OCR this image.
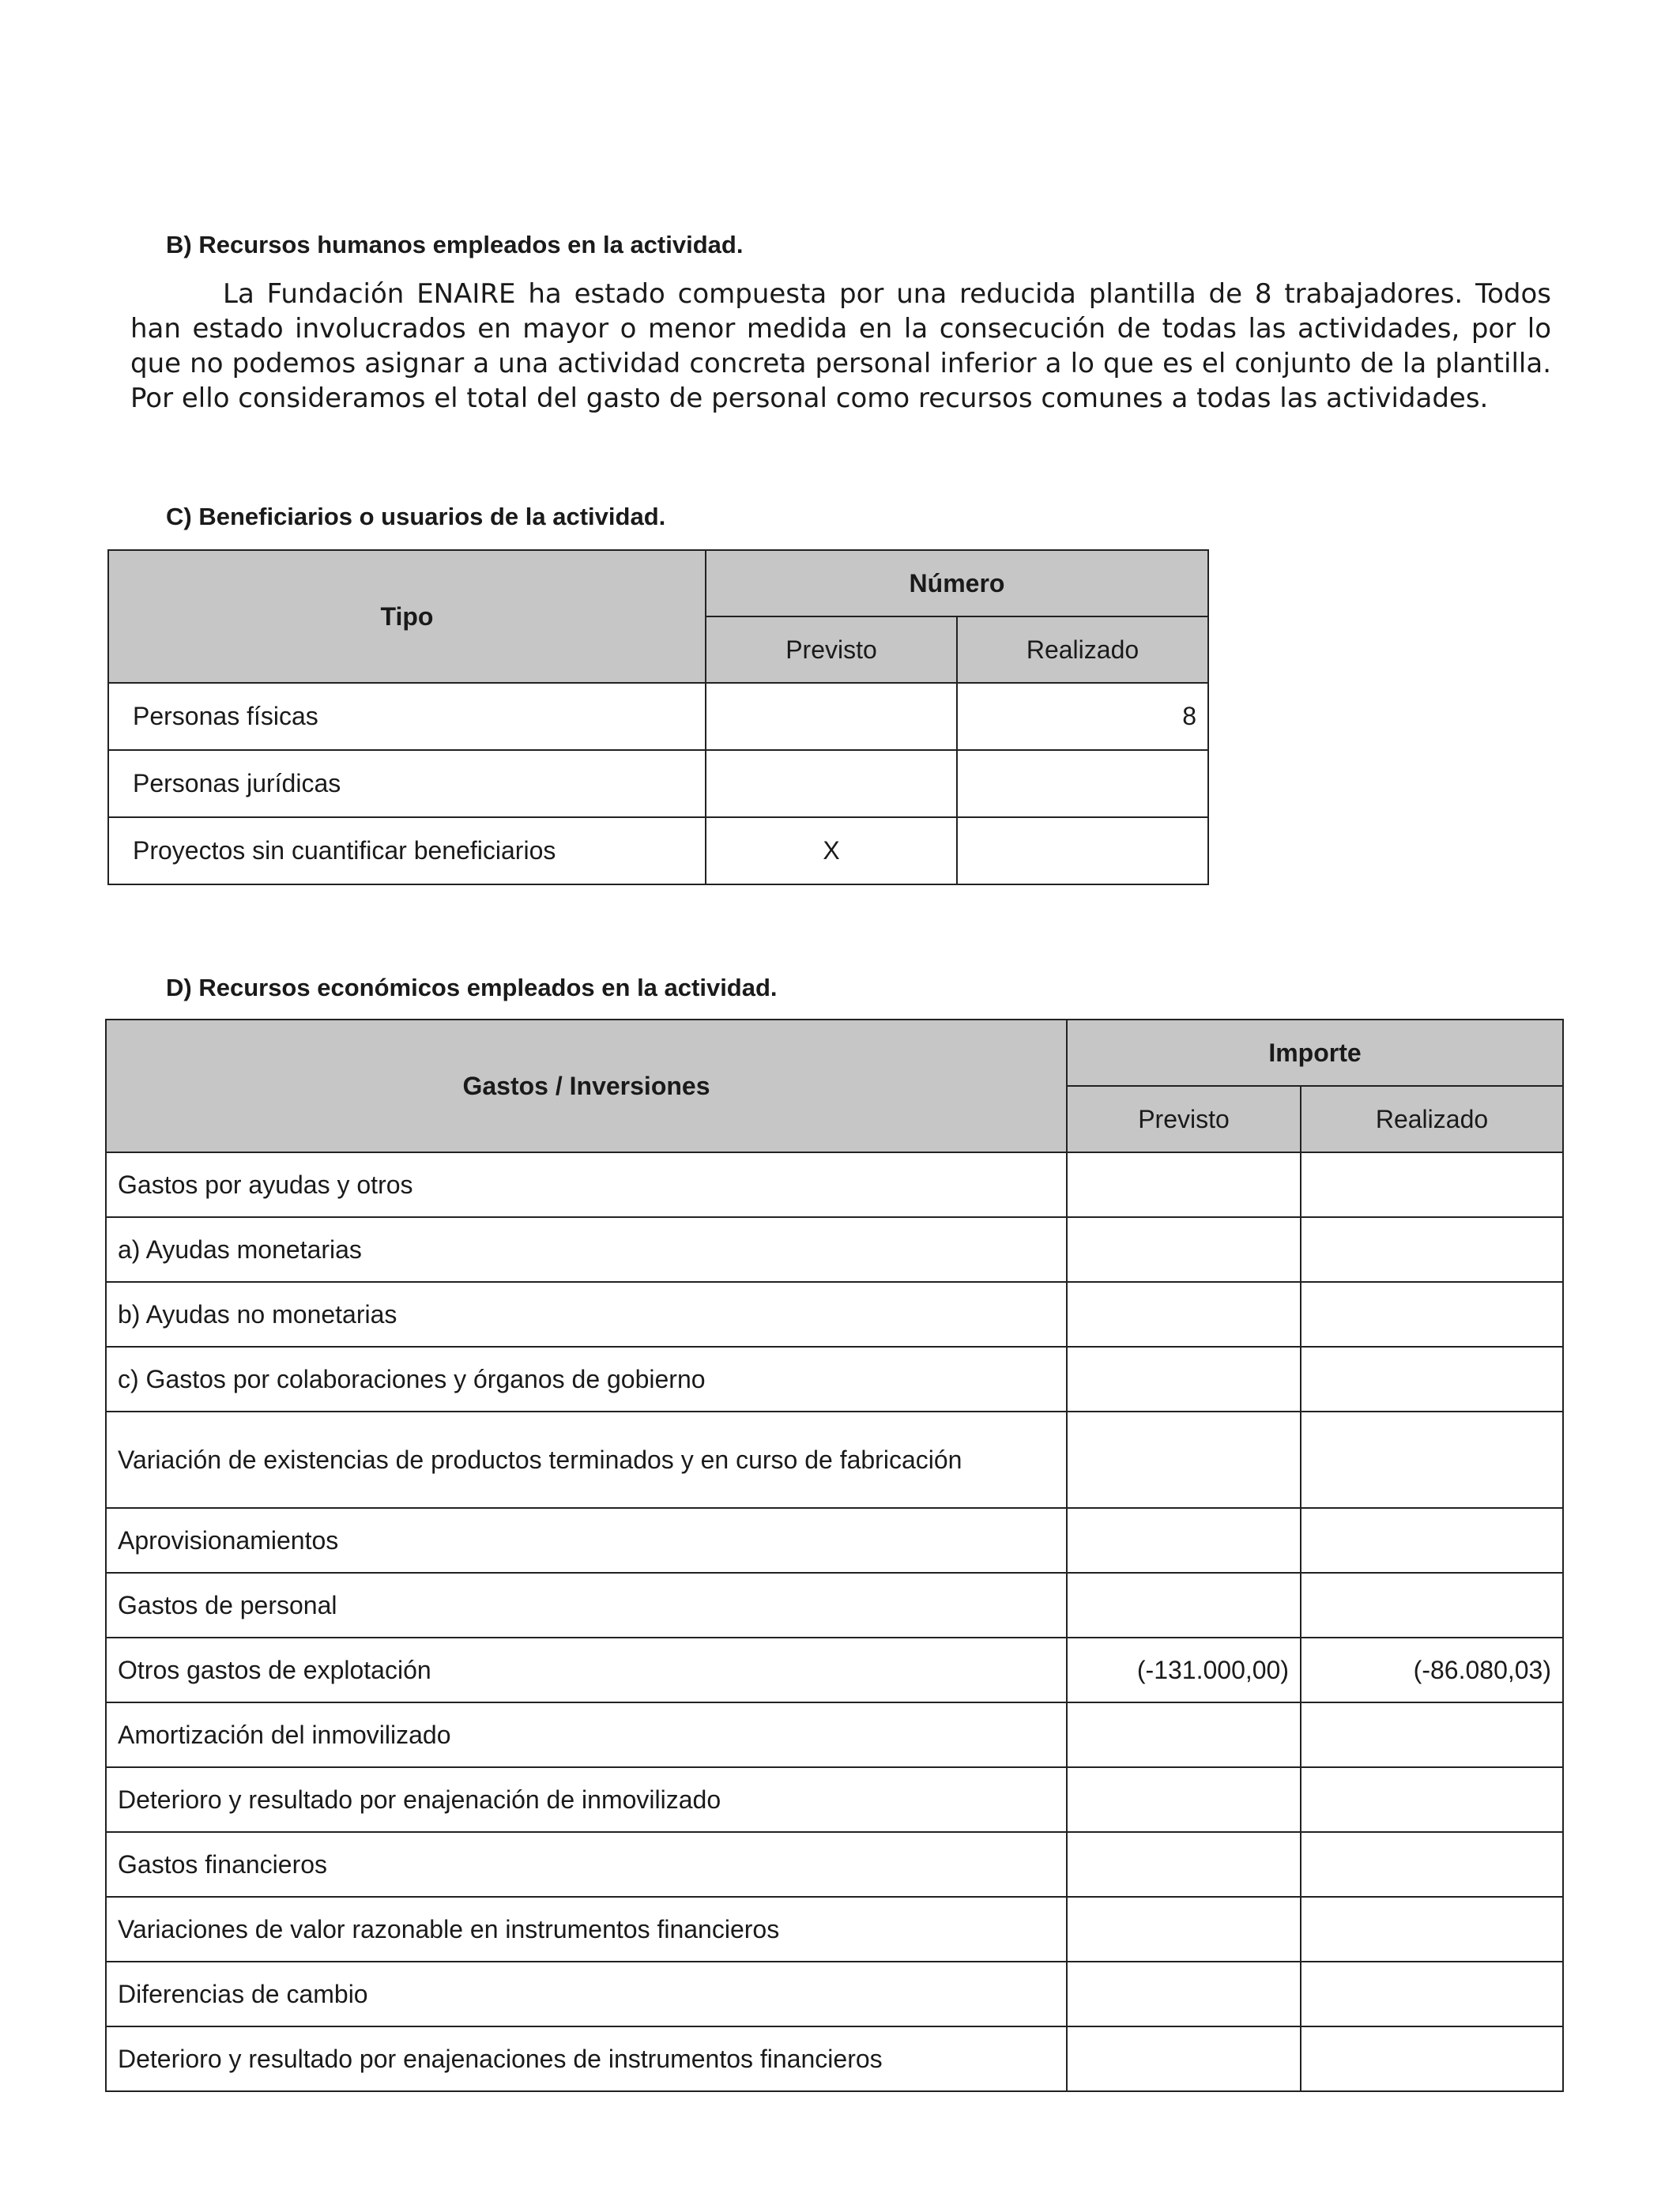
B) Recursos humanos empleados en la actividad.
La Fundación ENAIRE ha estado compuesta por una reducida plantilla de 8 trabajadores. Todos han estado involucrados en mayor o menor medida en la consecución de todas las actividades, por lo que no podemos asignar a una actividad concreta personal inferior a lo que es el conjunto de la plantilla. Por ello consideramos el total del gasto de personal como recursos comunes a todas las actividades.
C) Beneficiarios o usuarios de la actividad.
Tipo	Número	
	Previsto	Realizado
Personas físicas		8
Personas jurídicas		
Proyectos sin cuantificar beneficiarios	X	
D) Recursos económicos empleados en la actividad.
Gastos / Inversiones	Importe	
	Previsto	Realizado
Gastos por ayudas y otros		
a) Ayudas monetarias		
b) Ayudas no monetarias		
c) Gastos por colaboraciones y órganos de gobierno		
Variación de existencias de productos terminados y en curso de fabricación		
Aprovisionamientos		
Gastos de personal		
Otros gastos de explotación	(-131.000,00)	(-86.080,03)
Amortización del inmovilizado		
Deterioro y resultado por enajenación de inmovilizado		
Gastos financieros		
Variaciones de valor razonable en instrumentos financieros		
Diferencias de cambio		
Deterioro y resultado por enajenaciones de instrumentos financieros		
